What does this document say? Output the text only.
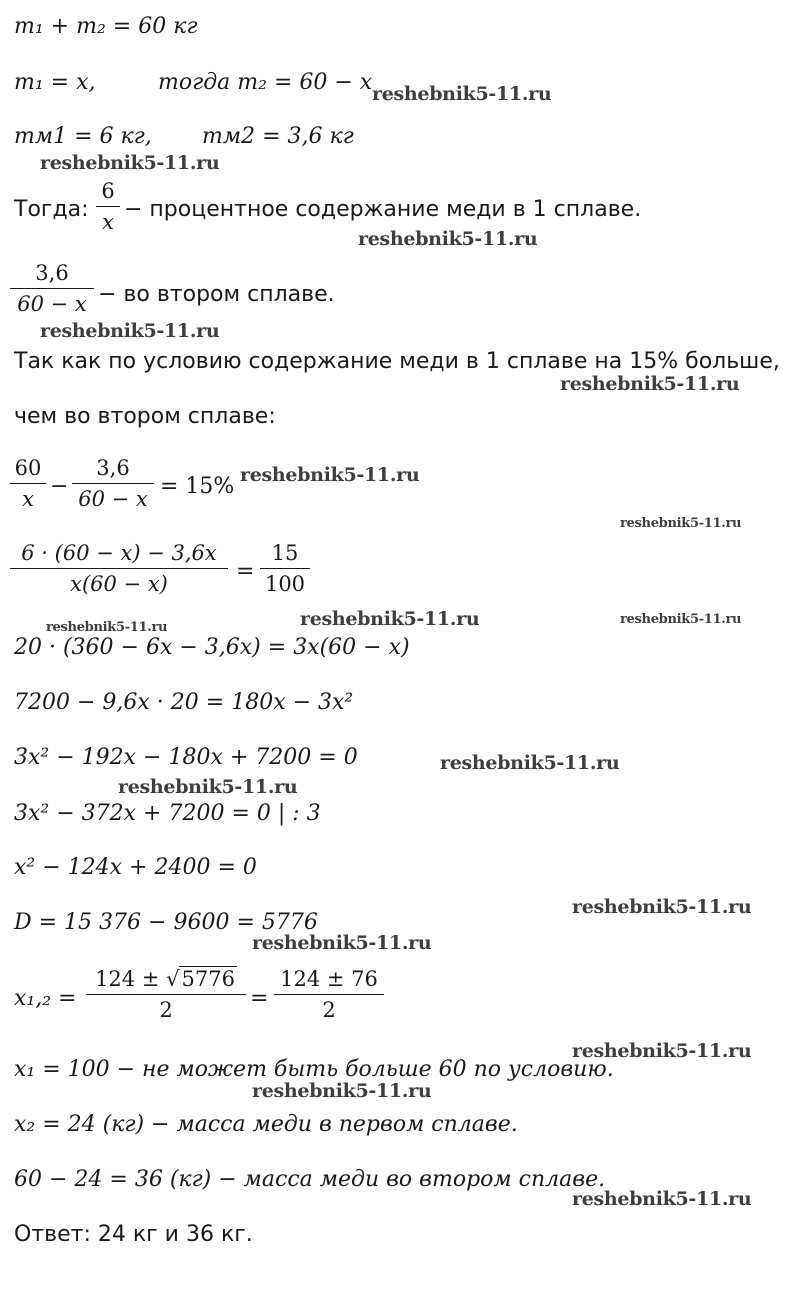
m₁ + m₂ = 60 кг
m₁ = x,	тогда m₂ = 60 − x
mм1 = 6 кг, mм2 = 3,6 кг
Тогда:
6
x − процентное содержание меди в 1 сплаве.
3,6
60 − x − во втором сплаве.
Так как по условию содержание меди в 1 сплаве на 15% больше,
чем во втором сплаве:
60
x −
3,6
60 − x = 15%
6 · (60 − x) − 3,6x
x(60 − x)	=
15
100
20 · (360 − 6x − 3,6x) = 3x(60 − x)
7200 − 9,6x · 20 = 180x − 3x²
3x² − 192x − 180x + 7200 = 0
3x² − 372x + 7200 = 0 | : 3
x² − 124x + 2400 = 0
D = 15 376 − 9600 = 5776
x₁,₂ =
124 ± √5776
2	=
124 ± 76
2
x₁ = 100 − не может быть больше 60 по условию.
x₂ = 24 (кг) − масса меди в первом сплаве.
60 − 24 = 36 (кг) − масса меди во втором сплаве.
Ответ: 24 кг и 36 кг.
reshebnik5-11.ru
reshebnik5-11.ru
reshebnik5-11.ru
reshebnik5-11.ru
reshebnik5-11.ru
reshebnik5-11.ru
reshebnik5-11.ru
reshebnik5-11.ru
reshebnik5-11.ru
reshebnik5-11.ru
reshebnik5-11.ru
reshebnik5-11.ru
reshebnik5-11.ru
reshebnik5-11.ru
reshebnik5-11.ru
reshebnik5-11.ru
reshebnik5-11.ru
